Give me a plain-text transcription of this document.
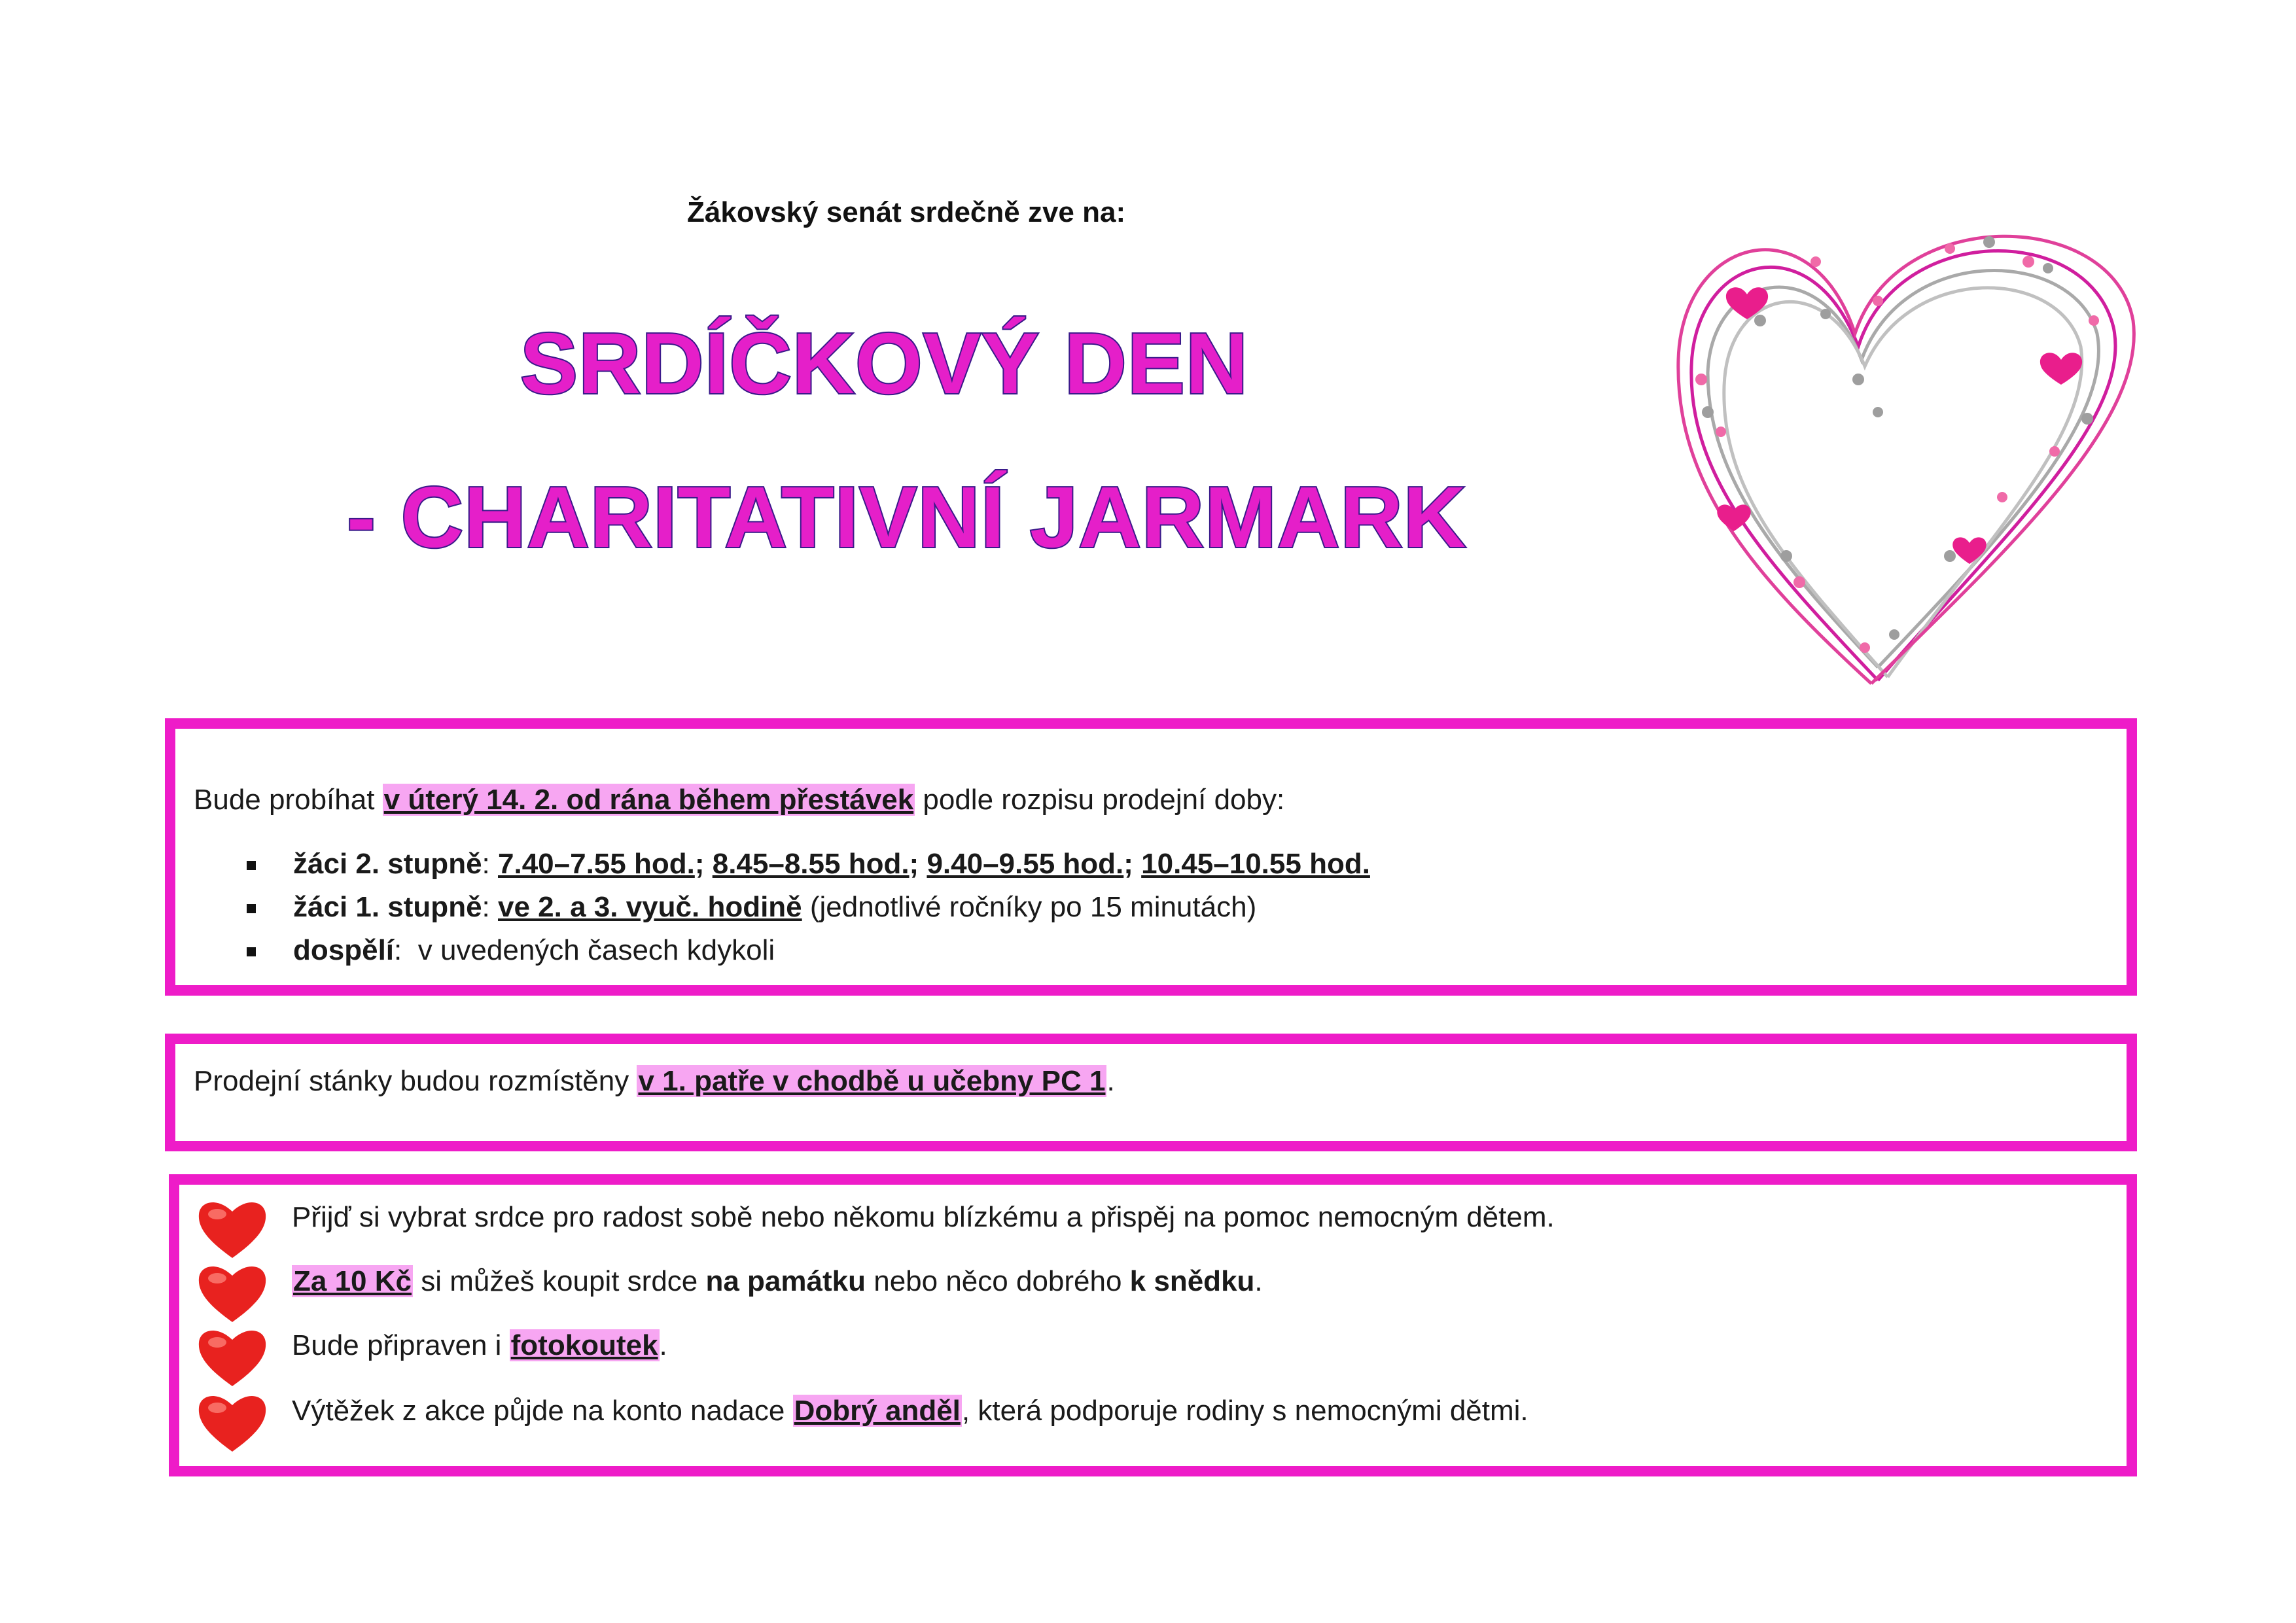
Žákovský senát srdečně zve na:
SRDÍČKOVÝ DEN
- CHARITATIVNÍ JARMARK
Bude probíhat v úterý 14. 2. od rána během přestávek podle rozpisu prodejní doby:
žáci 2. stupně: 7.40–7.55 hod.; 8.45–8.55 hod.; 9.40–9.55 hod.; 10.45–10.55 hod.
žáci 1. stupně: ve 2. a 3. vyuč. hodině (jednotlivé ročníky po 15 minutách)
dospělí:  v uvedených časech kdykoli
Prodejní stánky budou rozmístěny v 1. patře v chodbě u učebny PC 1.
Přijď si vybrat srdce pro radost sobě nebo někomu blízkému a přispěj na pomoc nemocným dětem.
Za 10 Kč si můžeš koupit srdce na památku nebo něco dobrého k snědku.
Bude připraven i fotokoutek.
Výtěžek z akce půjde na konto nadace Dobrý anděl, která podporuje rodiny s nemocnými dětmi.
